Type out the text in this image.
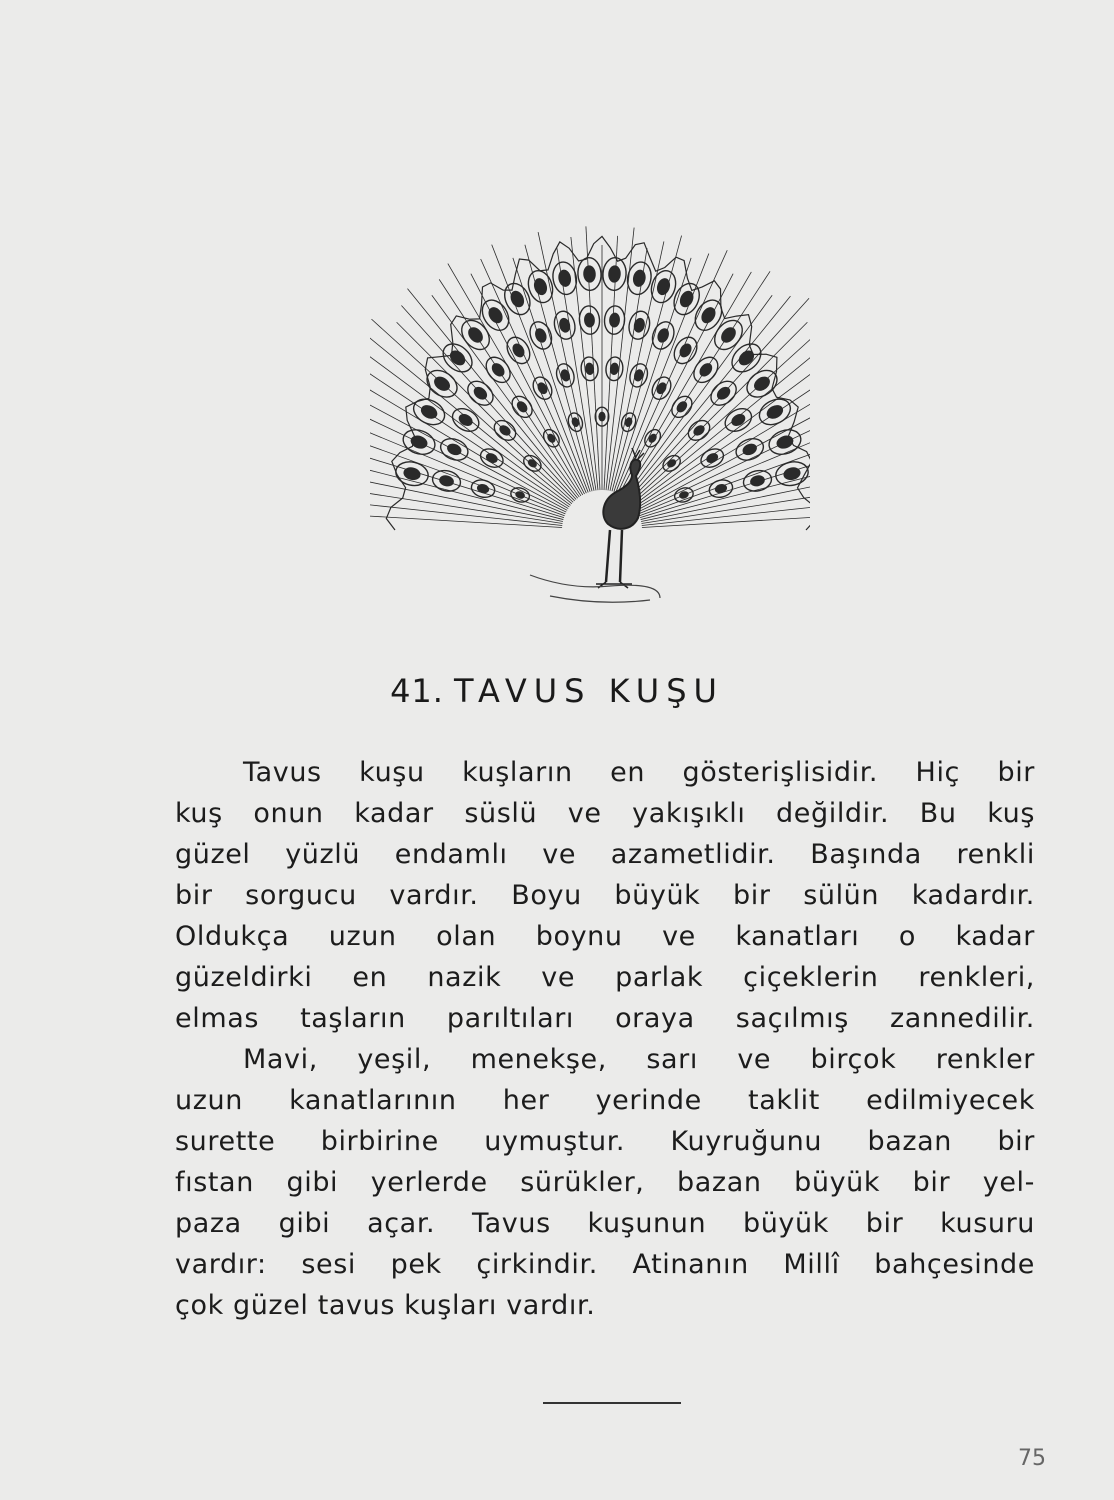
41. TAVUS KUŞU

Tavus kuşu kuşların en gösterişlisidir. Hiç bir

kuş onun kadar süslü ve yakışıklı değildir. Bu kuş

güzel yüzlü endamlı ve azametlidir. Başında renkli

bir sorgucu vardır. Boyu büyük bir sülün kadardır.

Oldukça uzun olan boynu ve kanatları o kadar

güzeldirki en nazik ve parlak çiçeklerin renkleri,

elmas taşların parıltıları oraya saçılmış zannedilir.

Mavi, yeşil, menekşe, sarı ve birçok renkler

uzun kanatlarının her yerinde taklit edilmiyecek

surette birbirine uymuştur. Kuyruğunu bazan bir

fıstan gibi yerlerde sürükler, bazan büyük bir yel-

paza gibi açar. Tavus kuşunun büyük bir kusuru

vardır: sesi pek çirkindir. Atinanın Millî bahçesinde

çok güzel tavus kuşları vardır.

75
